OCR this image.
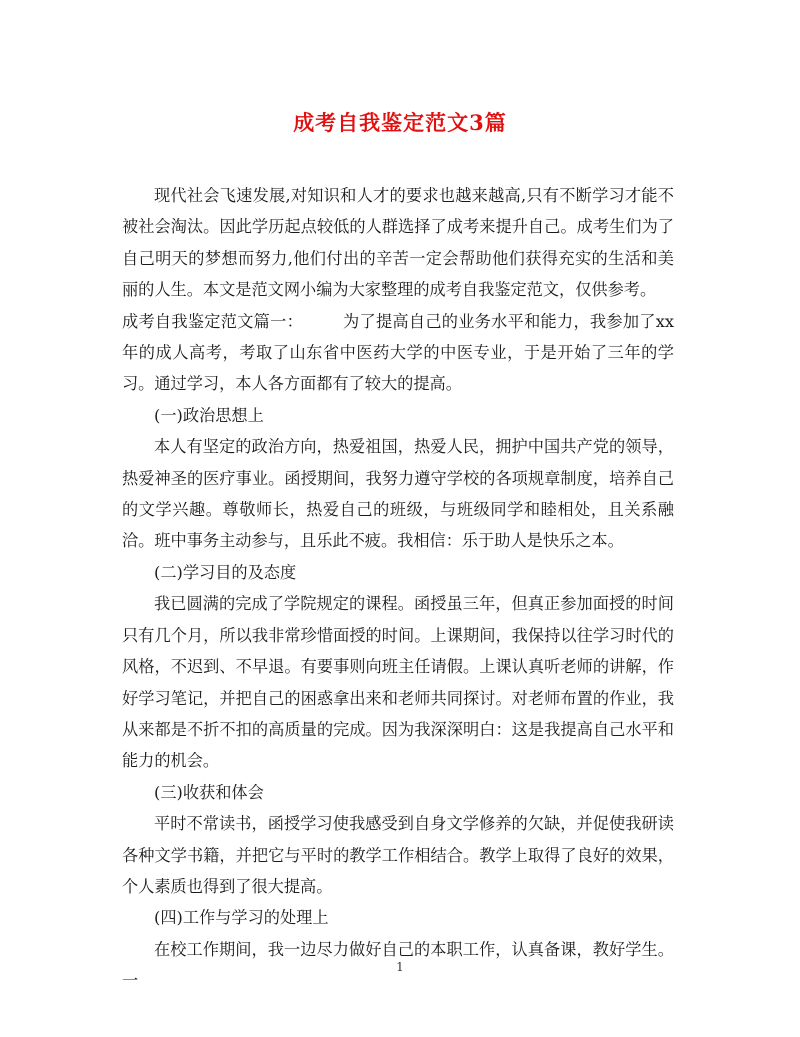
成考自我鉴定范文3篇

现代社会飞速发展,对知识和人才的要求也越来越高,只有不断学习才能不被社会淘汰。因此学历起点较低的人群选择了成考来提升自己。成考生们为了自己明天的梦想而努力,他们付出的辛苦一定会帮助他们获得充实的生活和美丽的人生。本文是范文网小编为大家整理的成考自我鉴定范文，仅供参考。

成考自我鉴定范文篇一： 为了提高自己的业务水平和能力，我参加了xx年的成人高考，考取了山东省中医药大学的中医专业，于是开始了三年的学习。通过学习，本人各方面都有了较大的提高。

(一)政治思想上

本人有坚定的政治方向，热爱祖国，热爱人民，拥护中国共产党的领导，热爱神圣的医疗事业。函授期间，我努力遵守学校的各项规章制度，培养自己的文学兴趣。尊敬师长，热爱自己的班级，与班级同学和睦相处，且关系融洽。班中事务主动参与，且乐此不疲。我相信：乐于助人是快乐之本。

(二)学习目的及态度

我已圆满的完成了学院规定的课程。函授虽三年，但真正参加面授的时间只有几个月，所以我非常珍惜面授的时间。上课期间，我保持以往学习时代的风格，不迟到、不早退。有要事则向班主任请假。上课认真听老师的讲解，作好学习笔记，并把自己的困惑拿出来和老师共同探讨。对老师布置的作业，我从来都是不折不扣的高质量的完成。因为我深深明白：这是我提高自己水平和能力的机会。

(三)收获和体会

平时不常读书，函授学习使我感受到自身文学修养的欠缺，并促使我研读各种文学书籍，并把它与平时的教学工作相结合。教学上取得了良好的效果，个人素质也得到了很大提高。

(四)工作与学习的处理上

在校工作期间，我一边尽力做好自己的本职工作，认真备课，教好学生。一

1
